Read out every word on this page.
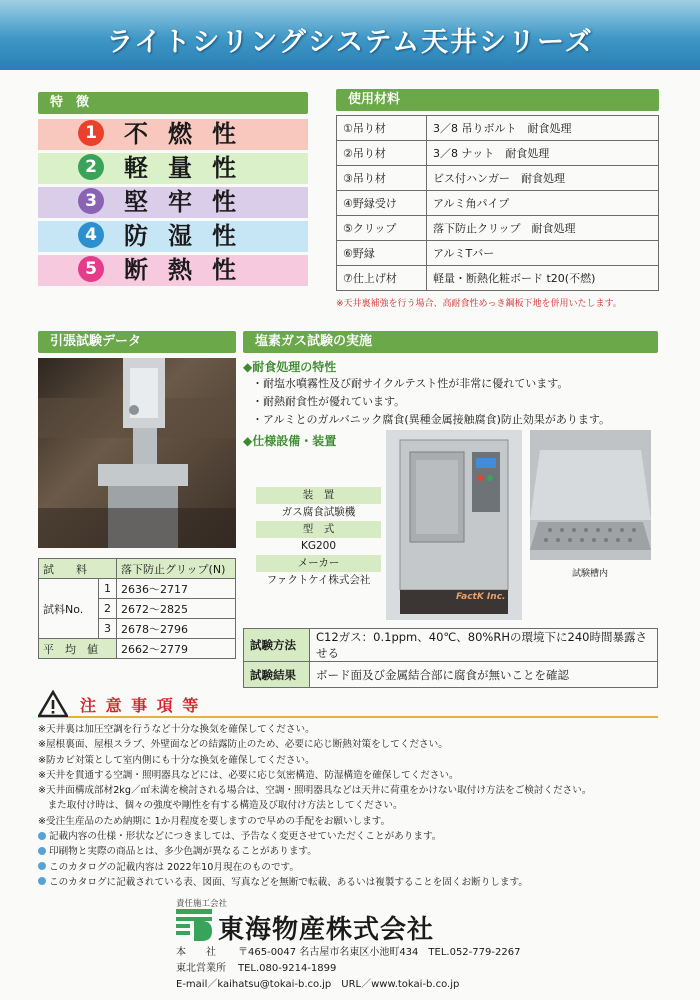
ライトシリングシステム天井シリーズ
特　徴
1 不燃性
2 軽量性
3 堅牢性
4 防湿性
5 断熱性
使用材料
①吊り材	3／8 吊りボルト　耐食処理
②吊り材	3／8 ナット　耐食処理
③吊り材	ビス付ハンガー　耐食処理
④野縁受け	アルミ角パイプ
⑤クリップ	落下防止クリップ　耐食処理
⑥野縁	アルミTバー
⑦仕上げ材	軽量・断熱化粧ボード t20(不燃)
※天井裏補強を行う場合、高耐食性めっき鋼板下地を併用いたします。
引張試験データ
試　　料		落下防止グリップ(N)
試料No.	1	2636～2717
	2	2672～2825
	3	2678～2796
平　均　値		2662～2779
塩素ガス試験の実施
◆耐食処理の特性
・耐塩水噴霧性及び耐サイクルテスト性が非常に優れています。
・耐熱耐食性が優れています。
・アルミとのガルバニック腐食(異種金属接触腐食)防止効果があります。
◆仕様設備・装置
装　置
ガス腐食試験機
型　式
KG200
メーカー
ファクトケイ株式会社
FactK Inc.
試験槽内
試験方法	C12ガス：0.1ppm、40℃、80%RHの環境下に240時間暴露させる
試験結果	ボード面及び金属結合部に腐食が無いことを確認
注 意 事 項 等
※天井裏は加圧空調を行うなど十分な換気を確保してください。
※屋根裏面、屋根スラブ、外壁面などの結露防止のため、必要に応じ断熱対策をしてください。
※防カビ対策として室内側にも十分な換気を確保してください。
※天井を貫通する空調・照明器具などには、必要に応じ気密構造、防湿構造を確保してください。
※天井面構成部材2kg／㎡未満を検討される場合は、空調・照明器具などは天井に荷重をかけない取付け方法をご検討ください。
　また取付け時は、個々の強度や剛性を有する構造及び取付け方法としてください。
※受注生産品のため納期に 1か月程度を要しますので早めの手配をお願いします。
記載内容の仕様・形状などにつきましては、予告なく変更させていただくことがあります。
印刷物と実際の商品とは、多少色調が異なることがあります。
このカタログの記載内容は 2022年10月現在のものです。
このカタログに記載されている表、図面、写真などを無断で転載、あるいは複製することを固くお断りします。
責任施工会社
東海物産株式会社
本　　社 〒465-0047 名古屋市名東区小池町434　TEL.052-779-2267
東北営業所 TEL.080-9214-1899
E-mail／kaihatsu@tokai-b.co.jp　URL／www.tokai-b.co.jp
